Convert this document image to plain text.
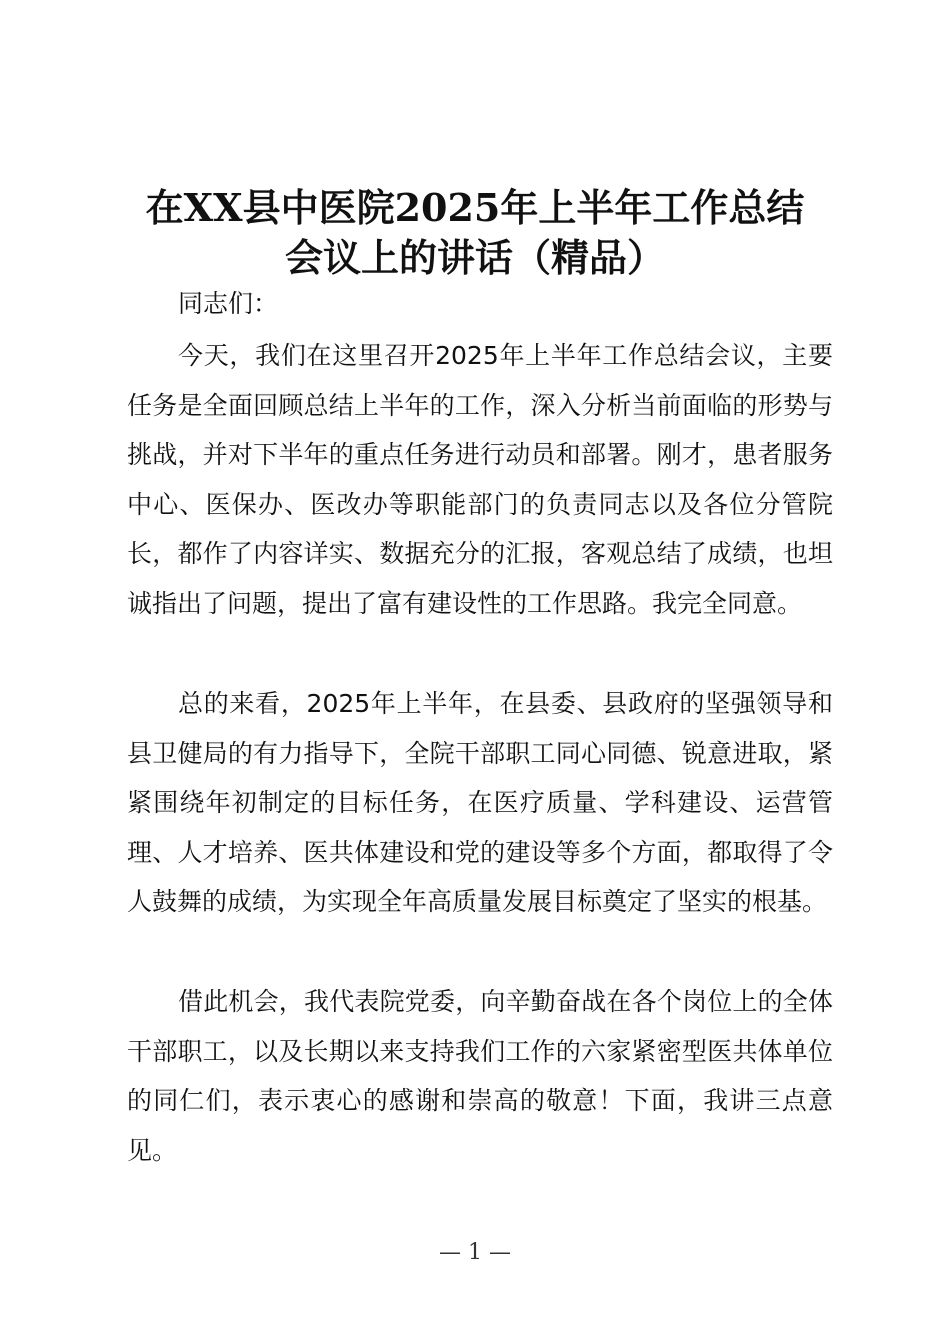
在XX县中医院2025年上半年工作总结
会议上的讲话（精品）

同志们：

今天，我们在这里召开2025年上半年工作总结会议，主要任务是全面回顾总结上半年的工作，深入分析当前面临的形势与挑战，并对下半年的重点任务进行动员和部署。刚才，患者服务中心、医保办、医改办等职能部门的负责同志以及各位分管院长，都作了内容详实、数据充分的汇报，客观总结了成绩，也坦诚指出了问题，提出了富有建设性的工作思路。我完全同意。

总的来看，2025年上半年，在县委、县政府的坚强领导和县卫健局的有力指导下，全院干部职工同心同德、锐意进取，紧紧围绕年初制定的目标任务，在医疗质量、学科建设、运营管理、人才培养、医共体建设和党的建设等多个方面，都取得了令人鼓舞的成绩，为实现全年高质量发展目标奠定了坚实的根基。

借此机会，我代表院党委，向辛勤奋战在各个岗位上的全体干部职工，以及长期以来支持我们工作的六家紧密型医共体单位的同仁们，表示衷心的感谢和崇高的敬意！下面，我讲三点意见。

— 1 —
